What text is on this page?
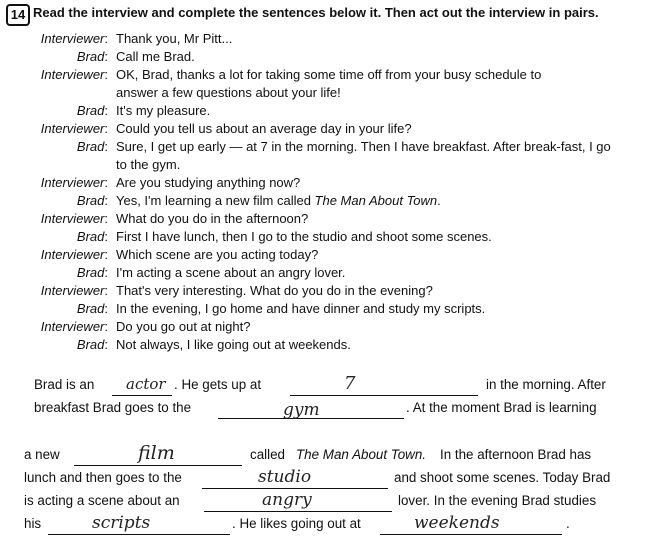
14 Read the interview and complete the sentences below it. Then act out the interview in pairs.
Interviewer: Thank you, Mr Pitt...
Brad: Call me Brad.
Interviewer: OK, Brad, thanks a lot for taking some time off from your busy schedule to answer a few questions about your life!
Brad: It's my pleasure.
Interviewer: Could you tell us about an average day in your life?
Brad: Sure, I get up early — at 7 in the morning. Then I have breakfast. After break-fast, I go to the gym.
Interviewer: Are you studying anything now?
Brad: Yes, I'm learning a new film called The Man About Town.
Interviewer: What do you do in the afternoon?
Brad: First I have lunch, then I go to the studio and shoot some scenes.
Interviewer: Which scene are you acting today?
Brad: I'm acting a scene about an angry lover.
Interviewer: That's very interesting. What do you do in the evening?
Brad: In the evening, I go home and have dinner and study my scripts.
Interviewer: Do you go out at night?
Brad: Not always, I like going out at weekends.
Brad is an actor . He gets up at	7	in the morning. After
breakfast Brad goes to the	gym	. At the moment Brad is learning
a new	film	called The Man About Town. In the afternoon Brad has
lunch and then goes to the	studio	and shoot some scenes. Today Brad
is acting a scene about an	angry	lover. In the evening Brad studies
his	scripts	. He likes going out at	weekends	.
